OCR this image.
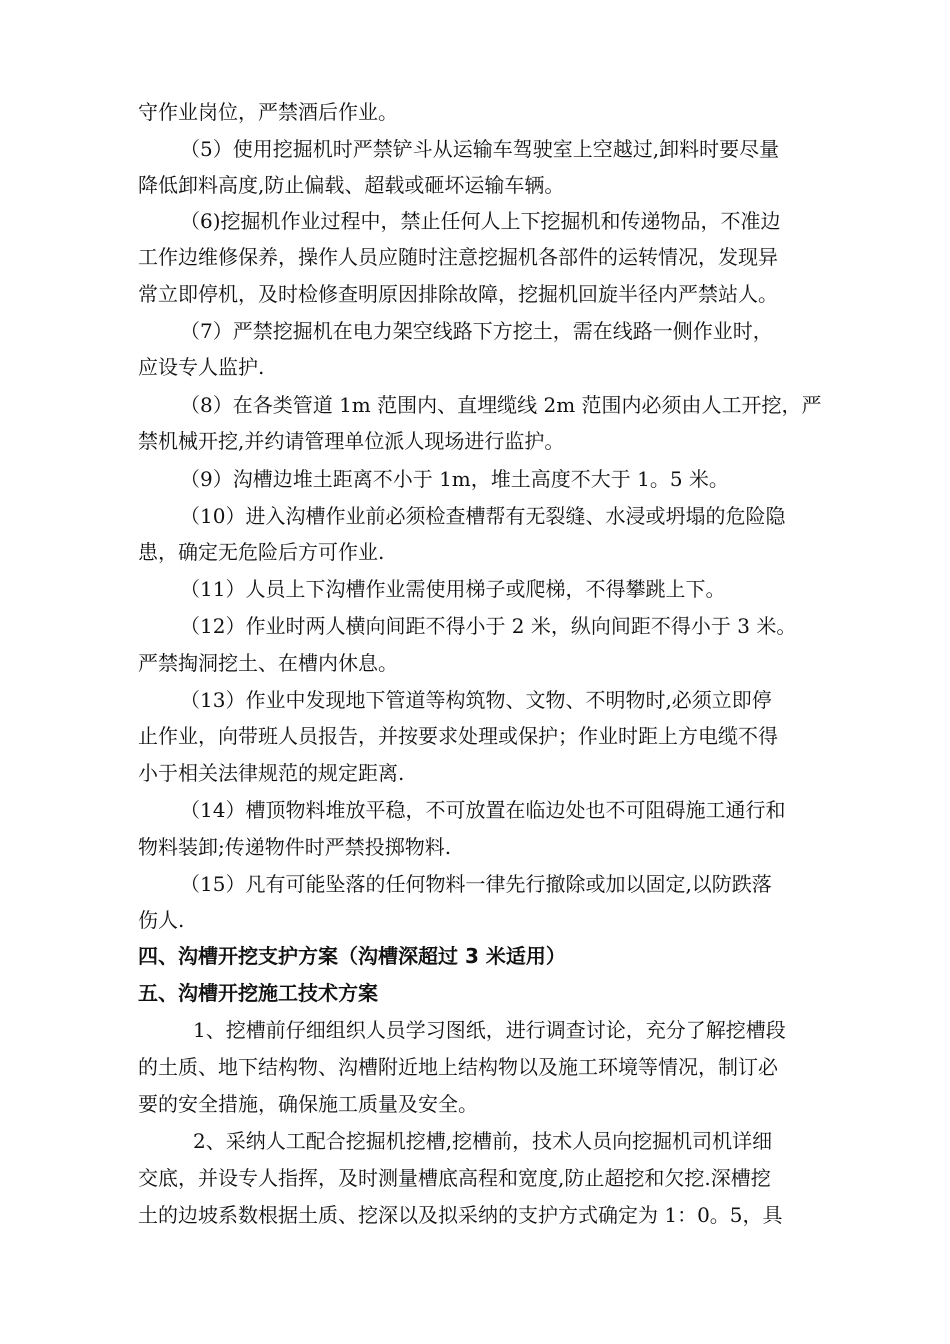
守作业岗位，严禁酒后作业。
（5）使用挖掘机时严禁铲斗从运输车驾驶室上空越过,卸料时要尽量
降低卸料高度,防止偏载、超载或砸坏运输车辆。
（6)挖掘机作业过程中，禁止任何人上下挖掘机和传递物品，不准边
工作边维修保养，操作人员应随时注意挖掘机各部件的运转情况，发现异
常立即停机，及时检修查明原因排除故障，挖掘机回旋半径内严禁站人。
（7）严禁挖掘机在电力架空线路下方挖土，需在线路一侧作业时，
应设专人监护.
（8）在各类管道 1m 范围内、直埋缆线 2m 范围内必须由人工开挖，严
禁机械开挖,并约请管理单位派人现场进行监护。
（9）沟槽边堆土距离不小于 1m，堆土高度不大于 1。5 米。
（10）进入沟槽作业前必须检查槽帮有无裂缝、水浸或坍塌的危险隐
患，确定无危险后方可作业.
（11）人员上下沟槽作业需使用梯子或爬梯，不得攀跳上下。
（12）作业时两人横向间距不得小于 2 米，纵向间距不得小于 3 米。
严禁掏洞挖土、在槽内休息。
（13）作业中发现地下管道等构筑物、文物、不明物时,必须立即停
止作业，向带班人员报告，并按要求处理或保护；作业时距上方电缆不得
小于相关法律规范的规定距离.
（14）槽顶物料堆放平稳，不可放置在临边处也不可阻碍施工通行和
物料装卸;传递物件时严禁投掷物料.
（15）凡有可能坠落的任何物料一律先行撤除或加以固定,以防跌落
伤人.
四、沟槽开挖支护方案（沟槽深超过 3 米适用）
五、沟槽开挖施工技术方案
1、挖槽前仔细组织人员学习图纸，进行调查讨论，充分了解挖槽段
的土质、地下结构物、沟槽附近地上结构物以及施工环境等情况，制订必
要的安全措施，确保施工质量及安全。
2、采纳人工配合挖掘机挖槽,挖槽前，技术人员向挖掘机司机详细
交底，并设专人指挥，及时测量槽底高程和宽度,防止超挖和欠挖.深槽挖
土的边坡系数根据土质、挖深以及拟采纳的支护方式确定为 1：0。5，具
